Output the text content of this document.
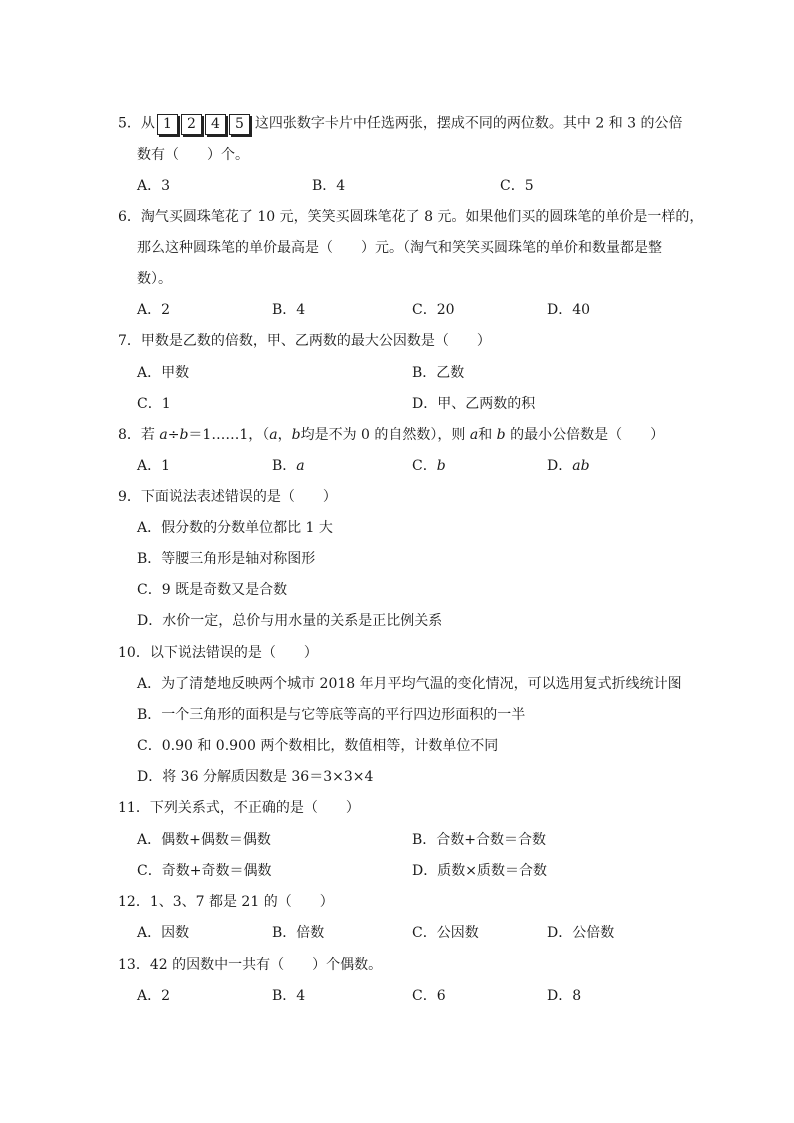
5．从 1 2 4 5 这四张数字卡片中任选两张，摆成不同的两位数。其中 2 和 3 的公倍
数有（　　）个。
A．3	B．4	C．5
6．淘气买圆珠笔花了 10 元，笑笑买圆珠笔花了 8 元。如果他们买的圆珠笔的单价是一样的，
那么这种圆珠笔的单价最高是（　　）元。（淘气和笑笑买圆珠笔的单价和数量都是整
数）。
A．2	B．4	C．20	D．40
7．甲数是乙数的倍数，甲、乙两数的最大公因数是（　　）
A．甲数	B．乙数
C．1	D．甲、乙两数的积
8．若 a÷b＝1……1，（a，b均是不为 0 的自然数），则 a和 b 的最小公倍数是（　　）
A．1	B．a	C．b	D．ab
9．下面说法表述错误的是（　　）
A．假分数的分数单位都比 1 大
B．等腰三角形是轴对称图形
C．9 既是奇数又是合数
D．水价一定，总价与用水量的关系是正比例关系
10．以下说法错误的是（　　）
A．为了清楚地反映两个城市 2018 年月平均气温的变化情况，可以选用复式折线统计图
B．一个三角形的面积是与它等底等高的平行四边形面积的一半
C．0.90 和 0.900 两个数相比，数值相等，计数单位不同
D．将 36 分解质因数是 36＝3×3×4
11．下列关系式，不正确的是（　　）
A．偶数+偶数＝偶数	B．合数+合数＝合数
C．奇数+奇数＝偶数	D．质数×质数＝合数
12．1、3、7 都是 21 的（　　）
A．因数	B．倍数	C．公因数	D．公倍数
13．42 的因数中一共有（　　）个偶数。
A．2	B．4	C．6	D．8
